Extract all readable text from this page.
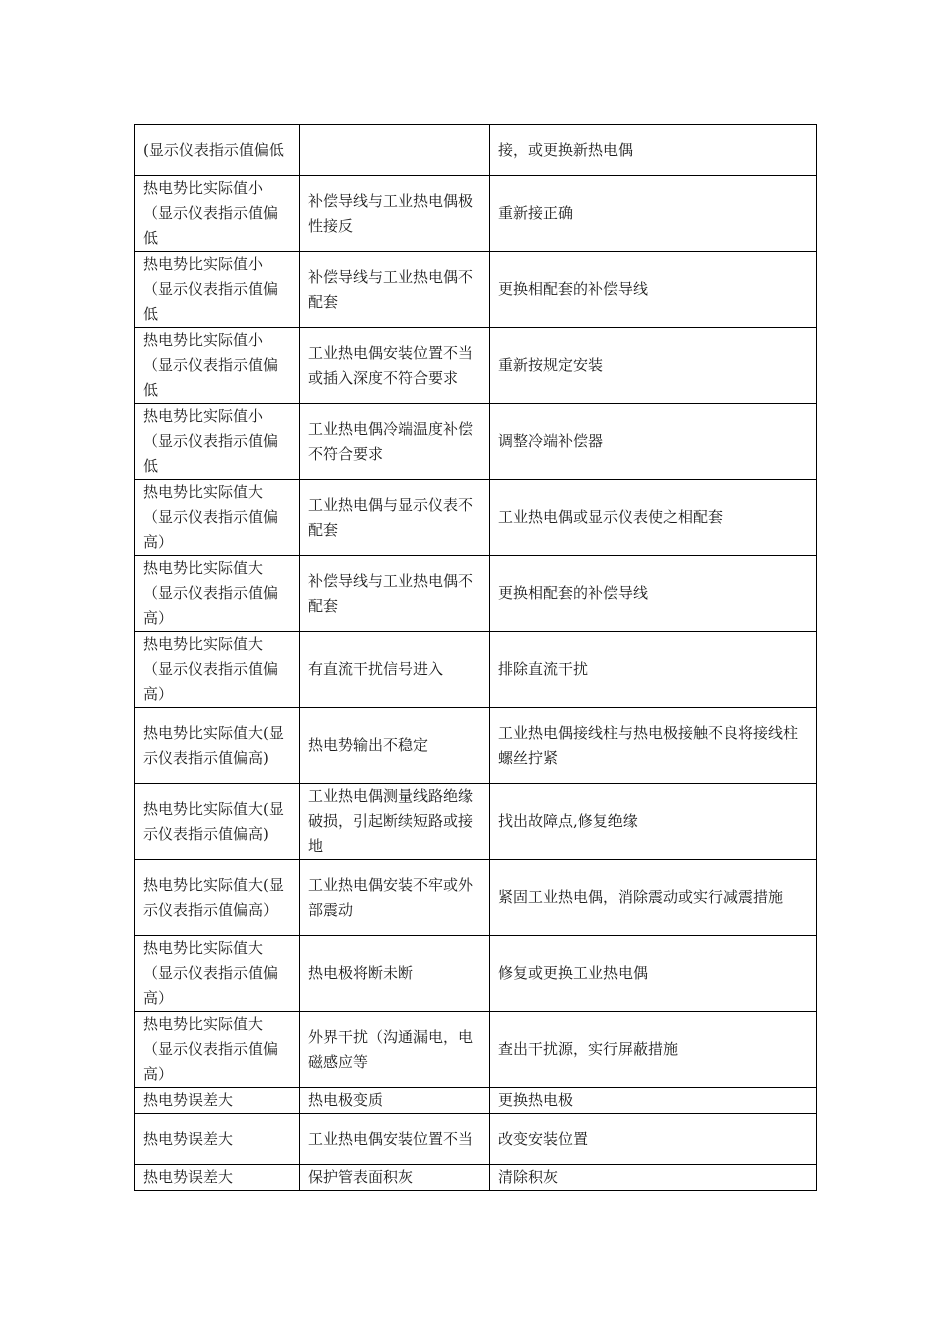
(显示仪表指示值偏低		接，或更换新热电偶
热电势比实际值小（显示仪表指示值偏低	补偿导线与工业热电偶极性接反	重新接正确
热电势比实际值小（显示仪表指示值偏低	补偿导线与工业热电偶不配套	更换相配套的补偿导线
热电势比实际值小（显示仪表指示值偏低	工业热电偶安装位置不当或插入深度不符合要求	重新按规定安装
热电势比实际值小（显示仪表指示值偏低	工业热电偶冷端温度补偿不符合要求	调整冷端补偿器
热电势比实际值大（显示仪表指示值偏高）	工业热电偶与显示仪表不配套	工业热电偶或显示仪表使之相配套
热电势比实际值大（显示仪表指示值偏高）	补偿导线与工业热电偶不配套	更换相配套的补偿导线
热电势比实际值大（显示仪表指示值偏高）	有直流干扰信号进入	排除直流干扰
热电势比实际值大(显示仪表指示值偏高)	热电势输出不稳定	工业热电偶接线柱与热电极接触不良将接线柱螺丝拧紧
热电势比实际值大(显示仪表指示值偏高)	工业热电偶测量线路绝缘破损，引起断续短路或接地	找出故障点,修复绝缘
热电势比实际值大(显示仪表指示值偏高）	工业热电偶安装不牢或外部震动	紧固工业热电偶，消除震动或实行减震措施
热电势比实际值大（显示仪表指示值偏高）	热电极将断未断	修复或更换工业热电偶
热电势比实际值大（显示仪表指示值偏高）	外界干扰（沟通漏电，电磁感应等	查出干扰源，实行屏蔽措施
热电势误差大	热电极变质	更换热电极
热电势误差大	工业热电偶安装位置不当	改变安装位置
热电势误差大	保护管表面积灰	清除积灰
